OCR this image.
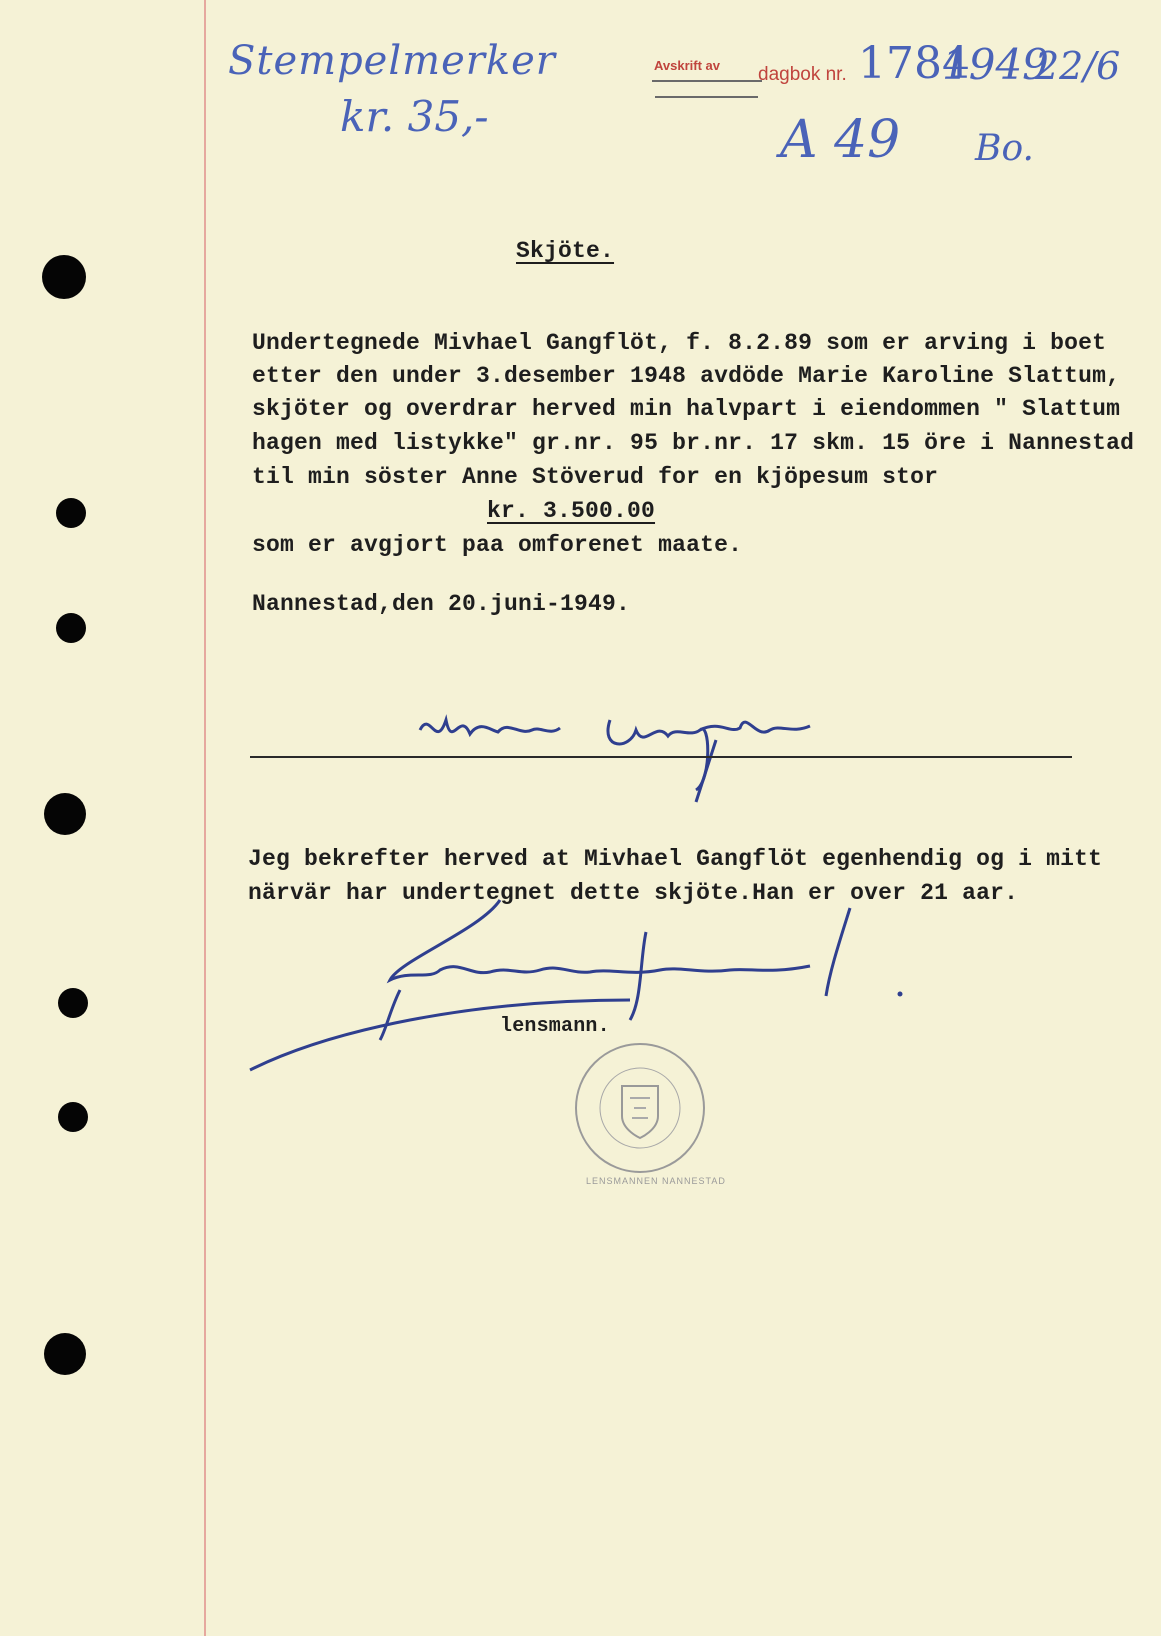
Stempelmerker
kr. 35,-
Avskrift av dagbok nr. 1784
1949
22/6
A 49 Bo.
Skjöte.
Undertegnede Mivhael Gangflöt, f. 8.2.89 som er arving i boet
etter den under 3.desember 1948 avdöde Marie Karoline Slattum,
skjöter og overdrar herved min halvpart i eiendommen " Slattum
hagen med listykke" gr.nr. 95 br.nr. 17 skm. 15 öre i Nannestad
til min söster Anne Stöverud for en kjöpesum stor
kr. 3.500.00
som er avgjort paa omforenet maate.
Nannestad,den 20.juni-1949.
Jeg bekrefter herved at Mivhael Gangflöt egenhendig og i mitt
närvär har undertegnet dette skjöte.Han er over 21 aar.
lensmann.
LENSMANNEN NANNESTAD
